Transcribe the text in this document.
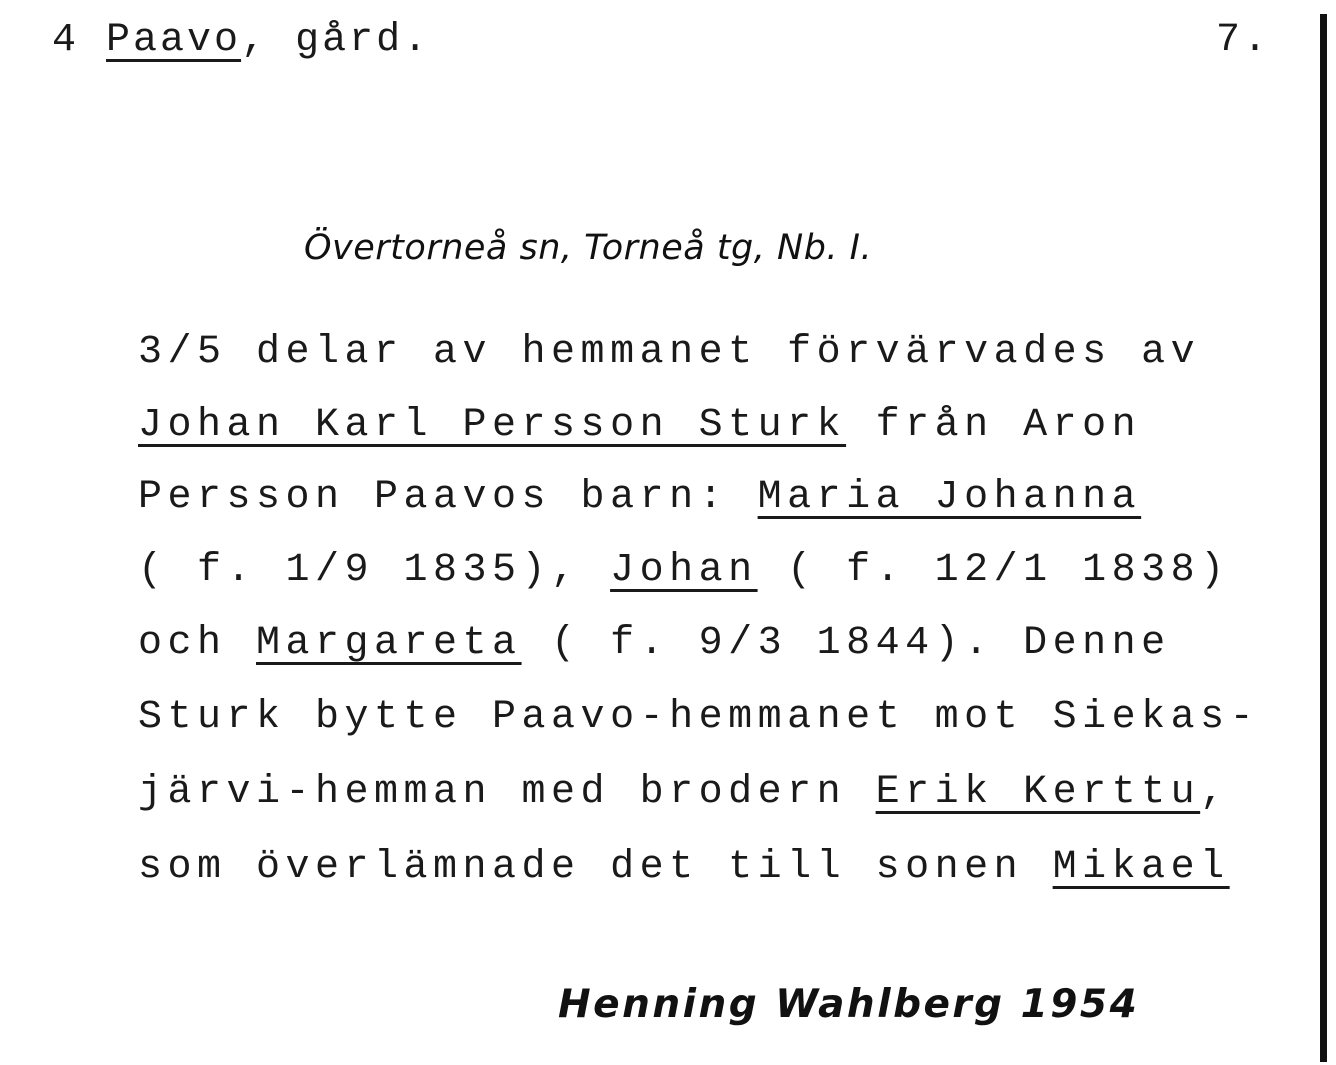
4 Paavo, gård.	7.
Övertorneå sn, Torneå tg, Nb. I.
3/5 delar av hemmanet förvärvades av
Johan Karl Persson Sturk från Aron
Persson Paavos barn: Maria Johanna
( f. 1/9 1835), Johan ( f. 12/1 1838)
och Margareta ( f. 9/3 1844). Denne
Sturk bytte Paavo-hemmanet mot Siekas-
järvi-hemman med brodern Erik Kerttu,
som överlämnade det till sonen Mikael
Henning Wahlberg 1954
